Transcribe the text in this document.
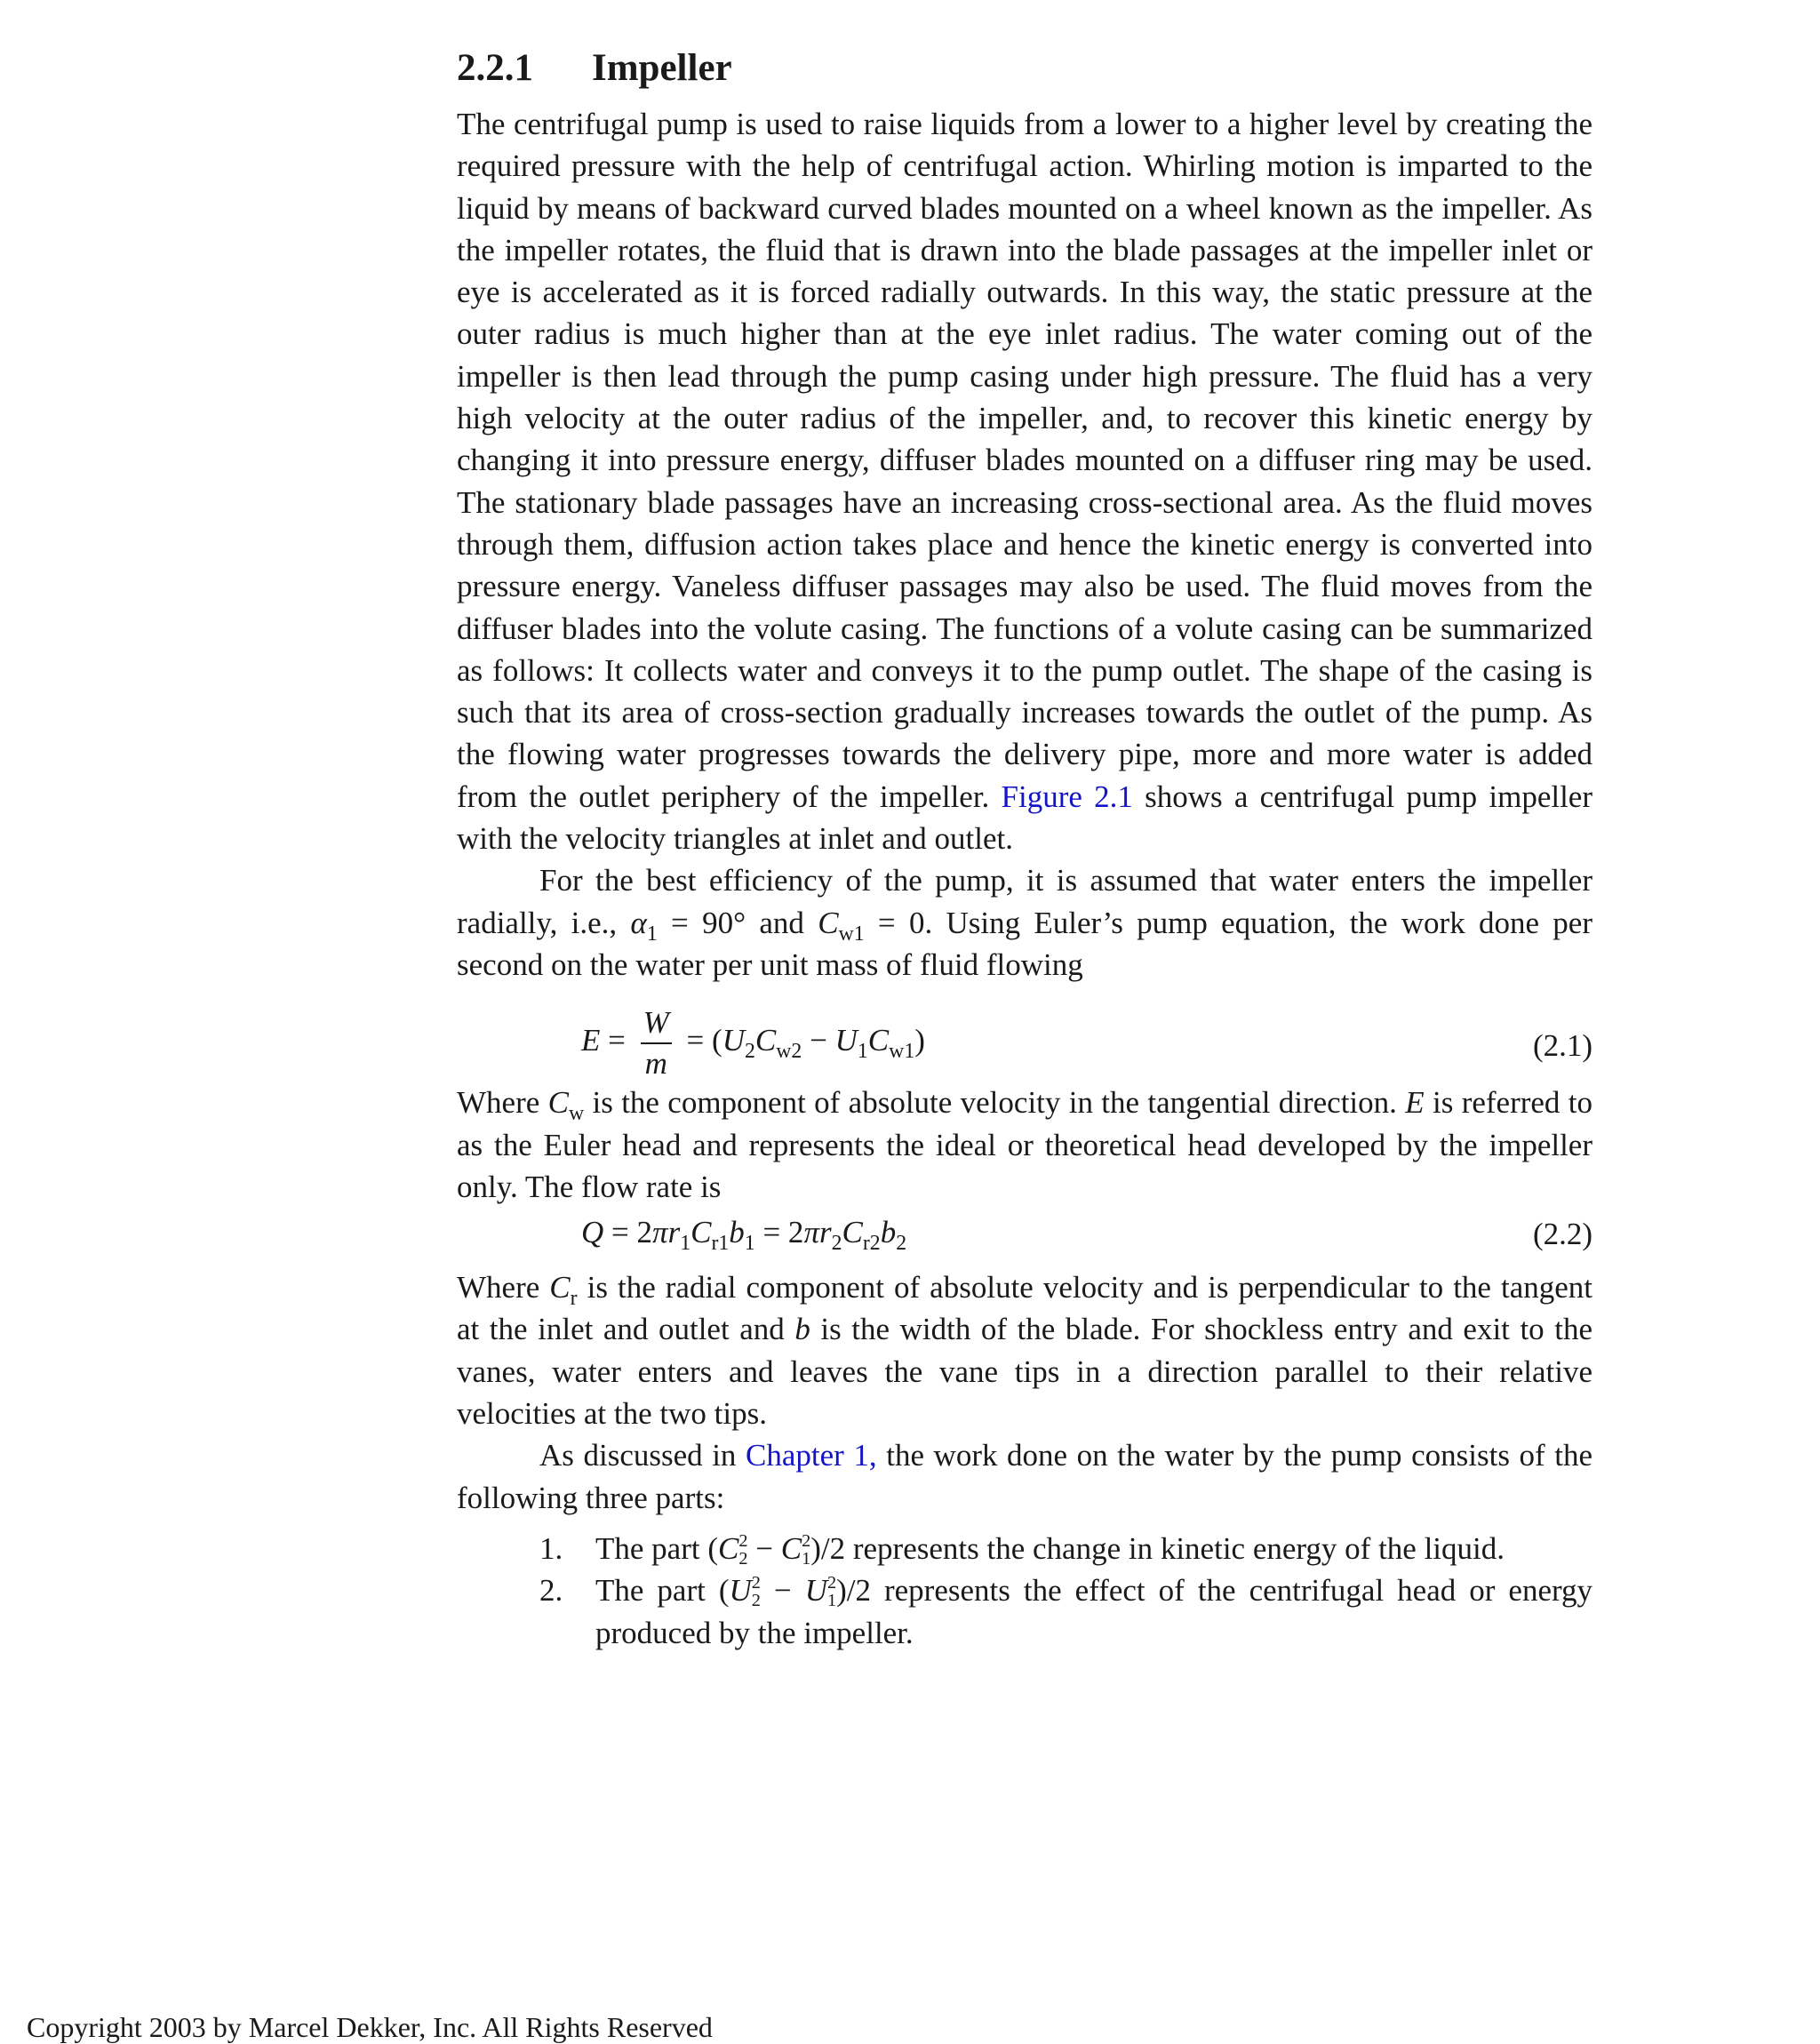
2.2.1 Impeller

The centrifugal pump is used to raise liquids from a lower to a higher level by creating the required pressure with the help of centrifugal action. Whirling motion is imparted to the liquid by means of backward curved blades mounted on a wheel known as the impeller. As the impeller rotates, the fluid that is drawn into the blade passages at the impeller inlet or eye is accelerated as it is forced radially outwards. In this way, the static pressure at the outer radius is much higher than at the eye inlet radius. The water coming out of the impeller is then lead through the pump casing under high pressure. The fluid has a very high velocity at the outer radius of the impeller, and, to recover this kinetic energy by changing it into pressure energy, diffuser blades mounted on a diffuser ring may be used. The stationary blade passages have an increasing cross-sectional area. As the fluid moves through them, diffusion action takes place and hence the kinetic energy is converted into pressure energy. Vaneless diffuser passages may also be used. The fluid moves from the diffuser blades into the volute casing. The functions of a volute casing can be summarized as follows: It collects water and conveys it to the pump outlet. The shape of the casing is such that its area of cross-section gradually increases towards the outlet of the pump. As the flowing water progresses towards the delivery pipe, more and more water is added from the outlet periphery of the impeller. Figure 2.1 shows a centrifugal pump impeller with the velocity triangles at inlet and outlet.

For the best efficiency of the pump, it is assumed that water enters the impeller radially, i.e., $\alpha_1 = 90^\circ$ and $C_{w1} = 0$. Using Euler’s pump equation, the work done per second on the water per unit mass of fluid flowing

$E = \frac{W}{m} = (U_2C_{w2} - U_1C_{w1})$	(2.1)

Where $C_w$ is the component of absolute velocity in the tangential direction. E is referred to as the Euler head and represents the ideal or theoretical head developed by the impeller only. The flow rate is

$Q = 2\pi r_1C_{r1}b_1 = 2\pi r_2C_{r2}b_2$	(2.2)

Where $C_r$ is the radial component of absolute velocity and is perpendicular to the tangent at the inlet and outlet and b is the width of the blade. For shockless entry and exit to the vanes, water enters and leaves the vane tips in a direction parallel to their relative velocities at the two tips.

As discussed in Chapter 1, the work done on the water by the pump consists of the following three parts:

1. The part (C 2
2 − C 2
1 )/2 represents the change in kinetic energy of the liquid.
2. The part (U 2
2 − U 2
1 )/2 represents the effect of the centrifugal head or energy produced by the impeller.
Copyright 2003 by Marcel Dekker, Inc. All Rights Reserved
